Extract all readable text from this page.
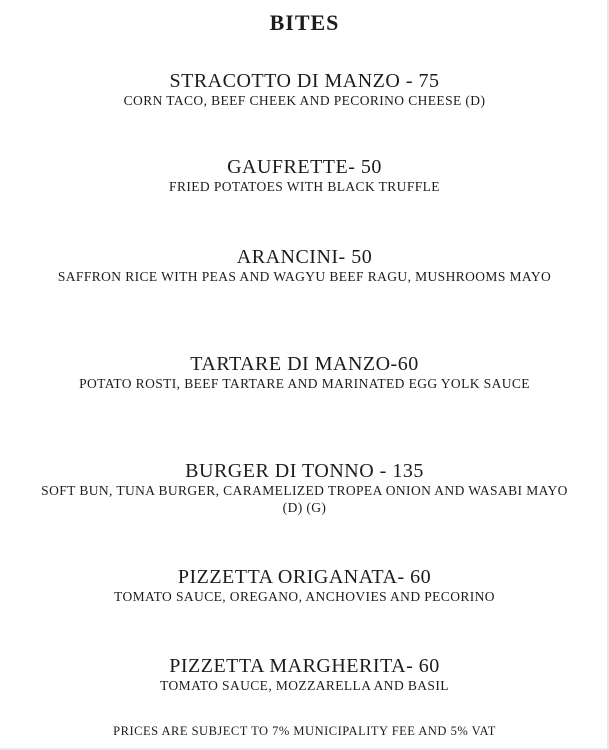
BITES
STRACOTTO DI MANZO - 75
CORN TACO, BEEF CHEEK AND PECORINO CHEESE (D)
GAUFRETTE- 50
FRIED POTATOES WITH BLACK TRUFFLE
ARANCINI- 50
SAFFRON RICE WITH PEAS AND WAGYU BEEF RAGU, MUSHROOMS MAYO
TARTARE DI MANZO-60
POTATO ROSTI, BEEF TARTARE AND MARINATED EGG YOLK SAUCE
BURGER DI TONNO - 135
SOFT BUN, TUNA BURGER, CARAMELIZED TROPEA ONION AND WASABI MAYO (D) (G)
PIZZETTA ORIGANATA- 60
TOMATO SAUCE, OREGANO, ANCHOVIES AND PECORINO
PIZZETTA MARGHERITA- 60
TOMATO SAUCE, MOZZARELLA AND BASIL
PRICES ARE SUBJECT TO 7% MUNICIPALITY FEE AND 5% VAT
